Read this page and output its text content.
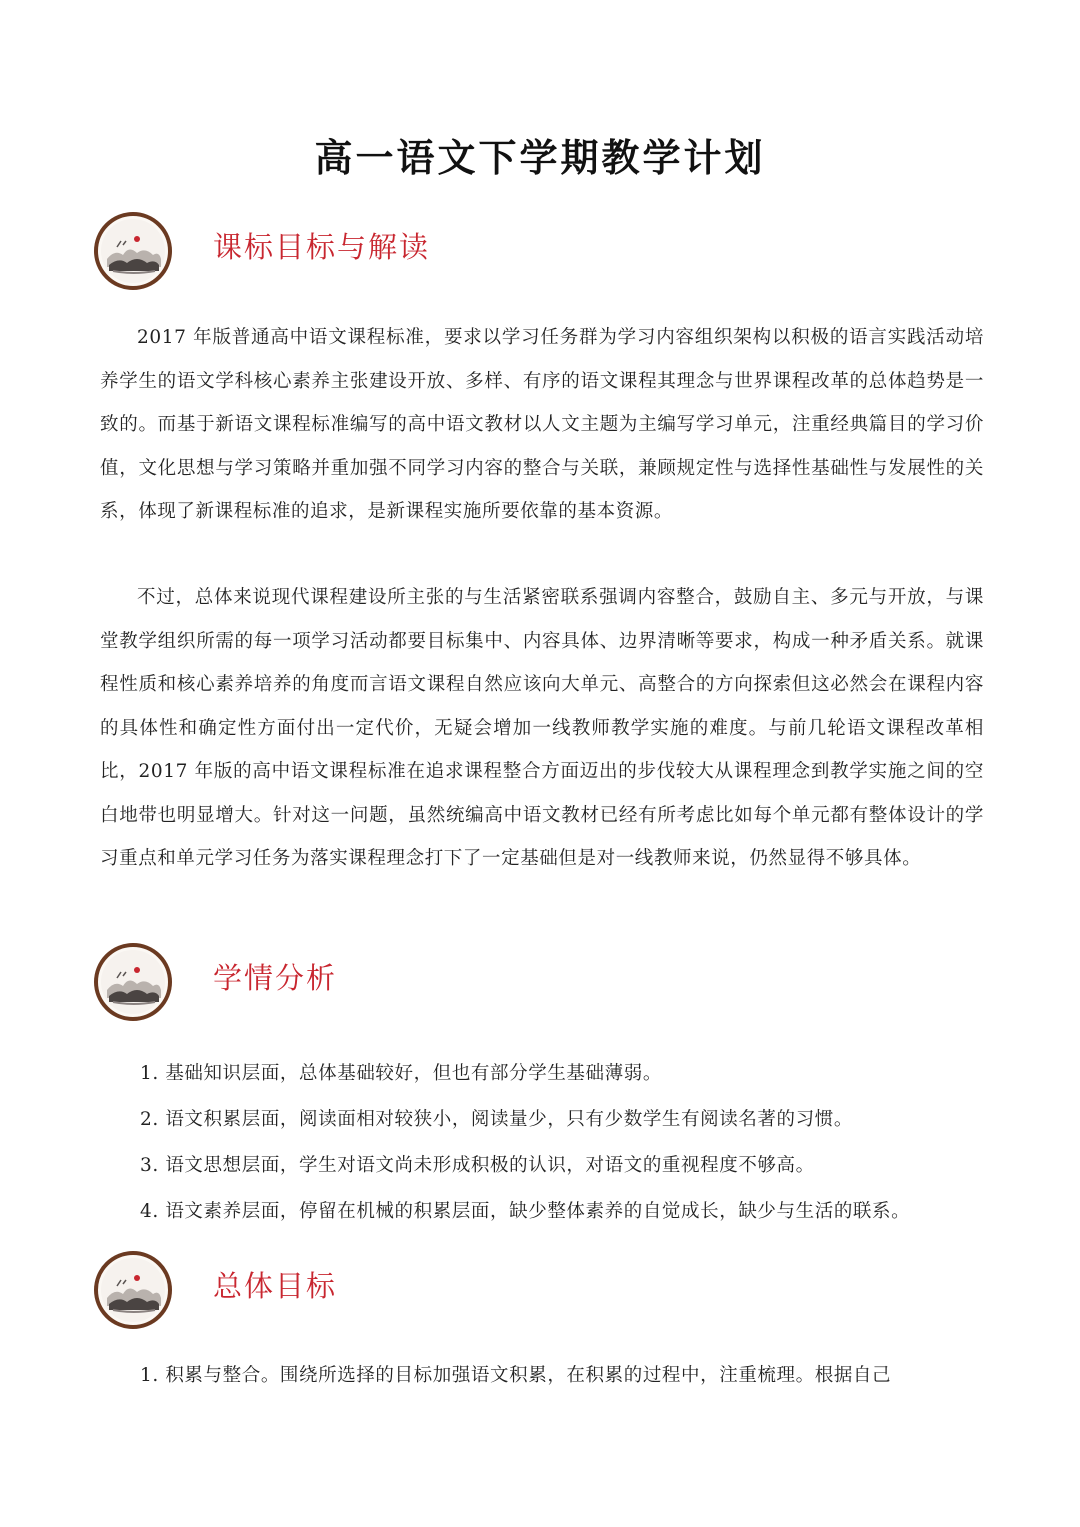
高一语文下学期教学计划
课标目标与解读

2017 年版普通高中语文课程标准，要求以学习任务群为学习内容组织架构以积极的语言实践活动培养学生的语文学科核心素养主张建设开放、多样、有序的语文课程其理念与世界课程改革的总体趋势是一致的。而基于新语文课程标准编写的高中语文教材以人文主题为主编写学习单元，注重经典篇目的学习价值，文化思想与学习策略并重加强不同学习内容的整合与关联，兼顾规定性与选择性基础性与发展性的关系，体现了新课程标准的追求，是新课程实施所要依靠的基本资源。

不过，总体来说现代课程建设所主张的与生活紧密联系强调内容整合，鼓励自主、多元与开放，与课堂教学组织所需的每一项学习活动都要目标集中、内容具体、边界清晰等要求，构成一种矛盾关系。就课程性质和核心素养培养的角度而言语文课程自然应该向大单元、高整合的方向探索但这必然会在课程内容的具体性和确定性方面付出一定代价，无疑会增加一线教师教学实施的难度。与前几轮语文课程改革相比，2017 年版的高中语文课程标准在追求课程整合方面迈出的步伐较大从课程理念到教学实施之间的空白地带也明显增大。针对这一问题，虽然统编高中语文教材已经有所考虑比如每个单元都有整体设计的学习重点和单元学习任务为落实课程理念打下了一定基础但是对一线教师来说，仍然显得不够具体。

学情分析
1. 基础知识层面，总体基础较好，但也有部分学生基础薄弱。
2. 语文积累层面，阅读面相对较狭小，阅读量少，只有少数学生有阅读名著的习惯。
3. 语文思想层面，学生对语文尚未形成积极的认识，对语文的重视程度不够高。
4. 语文素养层面，停留在机械的积累层面，缺少整体素养的自觉成长，缺少与生活的联系。
总体目标
1. 积累与整合。围绕所选择的目标加强语文积累，在积累的过程中，注重梳理。根据自己
